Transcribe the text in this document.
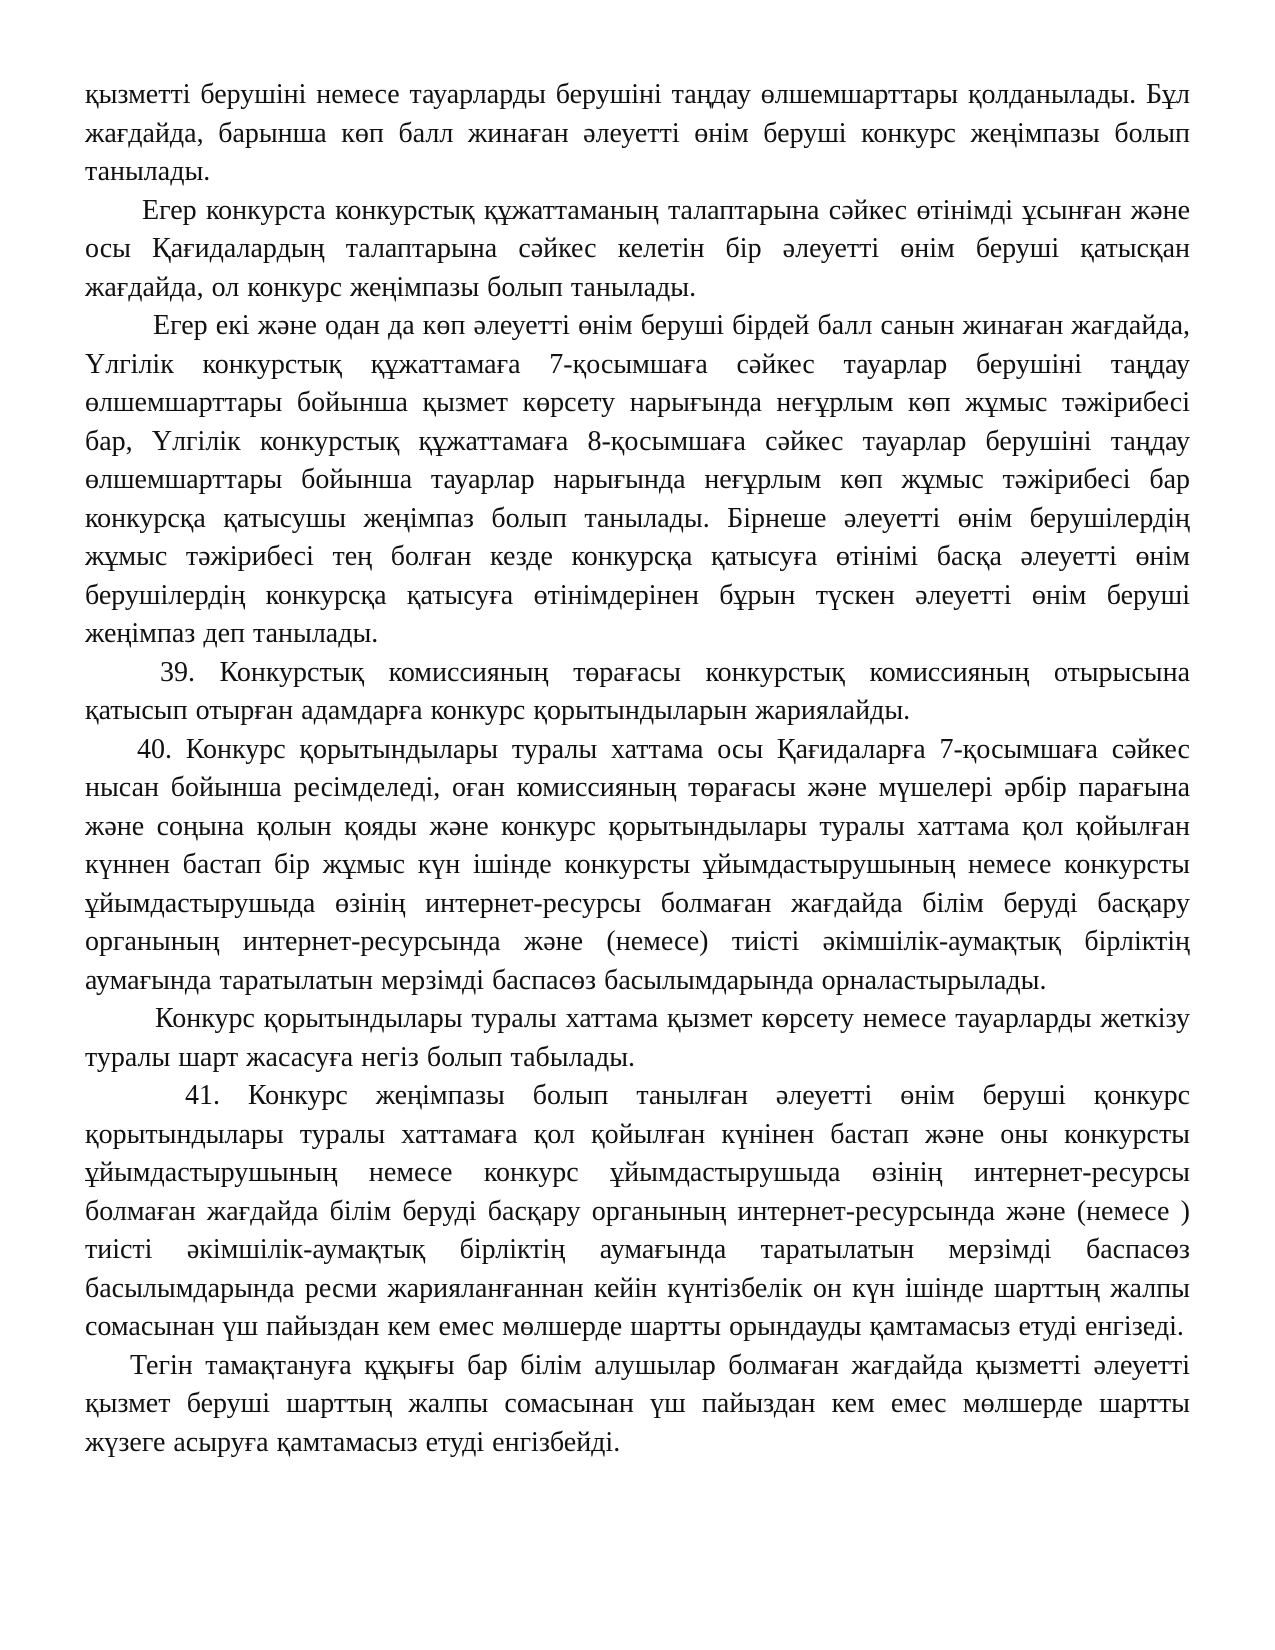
қызметті берушіні немесе тауарларды берушіні таңдау өлшемшарттары қолданылады. Бұл жағдайда, барынша көп балл жинаған әлеуетті өнім беруші конкурс жеңімпазы болып танылады.

Егер конкурста конкурстық құжаттаманың талаптарына сәйкес өтінімді ұсынған және осы Қағидалардың талаптарына сәйкес келетін бір әлеуетті өнім беруші қатысқан жағдайда, ол конкурс жеңімпазы болып танылады.

Егер екі және одан да көп әлеуетті өнім беруші бірдей балл санын жинаған жағдайда, Үлгілік конкурстық құжаттамаға 7-қосымшаға сәйкес тауарлар берушіні таңдау өлшемшарттары бойынша қызмет көрсету нарығында неғұрлым көп жұмыс тәжірибесі бар, Үлгілік конкурстық құжаттамаға 8-қосымшаға сәйкес тауарлар берушіні таңдау өлшемшарттары бойынша тауарлар нарығында неғұрлым көп жұмыс тәжірибесі бар конкурсқа қатысушы жеңімпаз болып танылады. Бірнеше әлеуетті өнім берушілердің жұмыс тәжірибесі тең болған кезде конкурсқа қатысуға өтінімі басқа әлеуетті өнім берушілердің конкурсқа қатысуға өтінімдерінен бұрын түскен әлеуетті өнім беруші жеңімпаз деп танылады.

39. Конкурстық комиссияның төрағасы конкурстық комиссияның отырысына қатысып отырған адамдарға конкурс қорытындыларын жариялайды.

40. Конкурс қорытындылары туралы хаттама осы Қағидаларға 7-қосымшаға сәйкес нысан бойынша ресімделеді, оған комиссияның төрағасы және мүшелері әрбір парағына және соңына қолын қояды және конкурс қорытындылары туралы хаттама қол қойылған күннен бастап бір жұмыс күн ішінде конкурсты ұйымдастырушының немесе конкурсты ұйымдастырушыда өзінің интернет-ресурсы болмаған жағдайда білім беруді басқару органының интернет-ресурсында және (немесе) тиісті әкімшілік-аумақтық бірліктің аумағында таратылатын мерзімді баспасөз басылымдарында орналастырылады.

Конкурс қорытындылары туралы хаттама қызмет көрсету немесе тауарларды жеткізу туралы шарт жасасуға негіз болып табылады.

41. Конкурс жеңімпазы болып танылған әлеуетті өнім беруші қонкурс қорытындылары туралы хаттамаға қол қойылған күнінен бастап және оны конкурсты ұйымдастырушының немесе конкурс ұйымдастырушыда өзінің интернет-ресурсы болмаған жағдайда білім беруді басқару органының интернет-ресурсында және (немесе ) тиісті әкімшілік-аумақтық бірліктің аумағында таратылатын мерзімді баспасөз басылымдарында ресми жарияланғаннан кейін күнтізбелік он күн ішінде шарттың жалпы сомасынан үш пайыздан кем емес мөлшерде шартты орындауды қамтамасыз етуді енгізеді.

Тегін тамақтануға құқығы бар білім алушылар болмаған жағдайда қызметті әлеуетті қызмет беруші шарттың жалпы сомасынан үш пайыздан кем емес мөлшерде шартты жүзеге асыруға қамтамасыз етуді енгізбейді.
